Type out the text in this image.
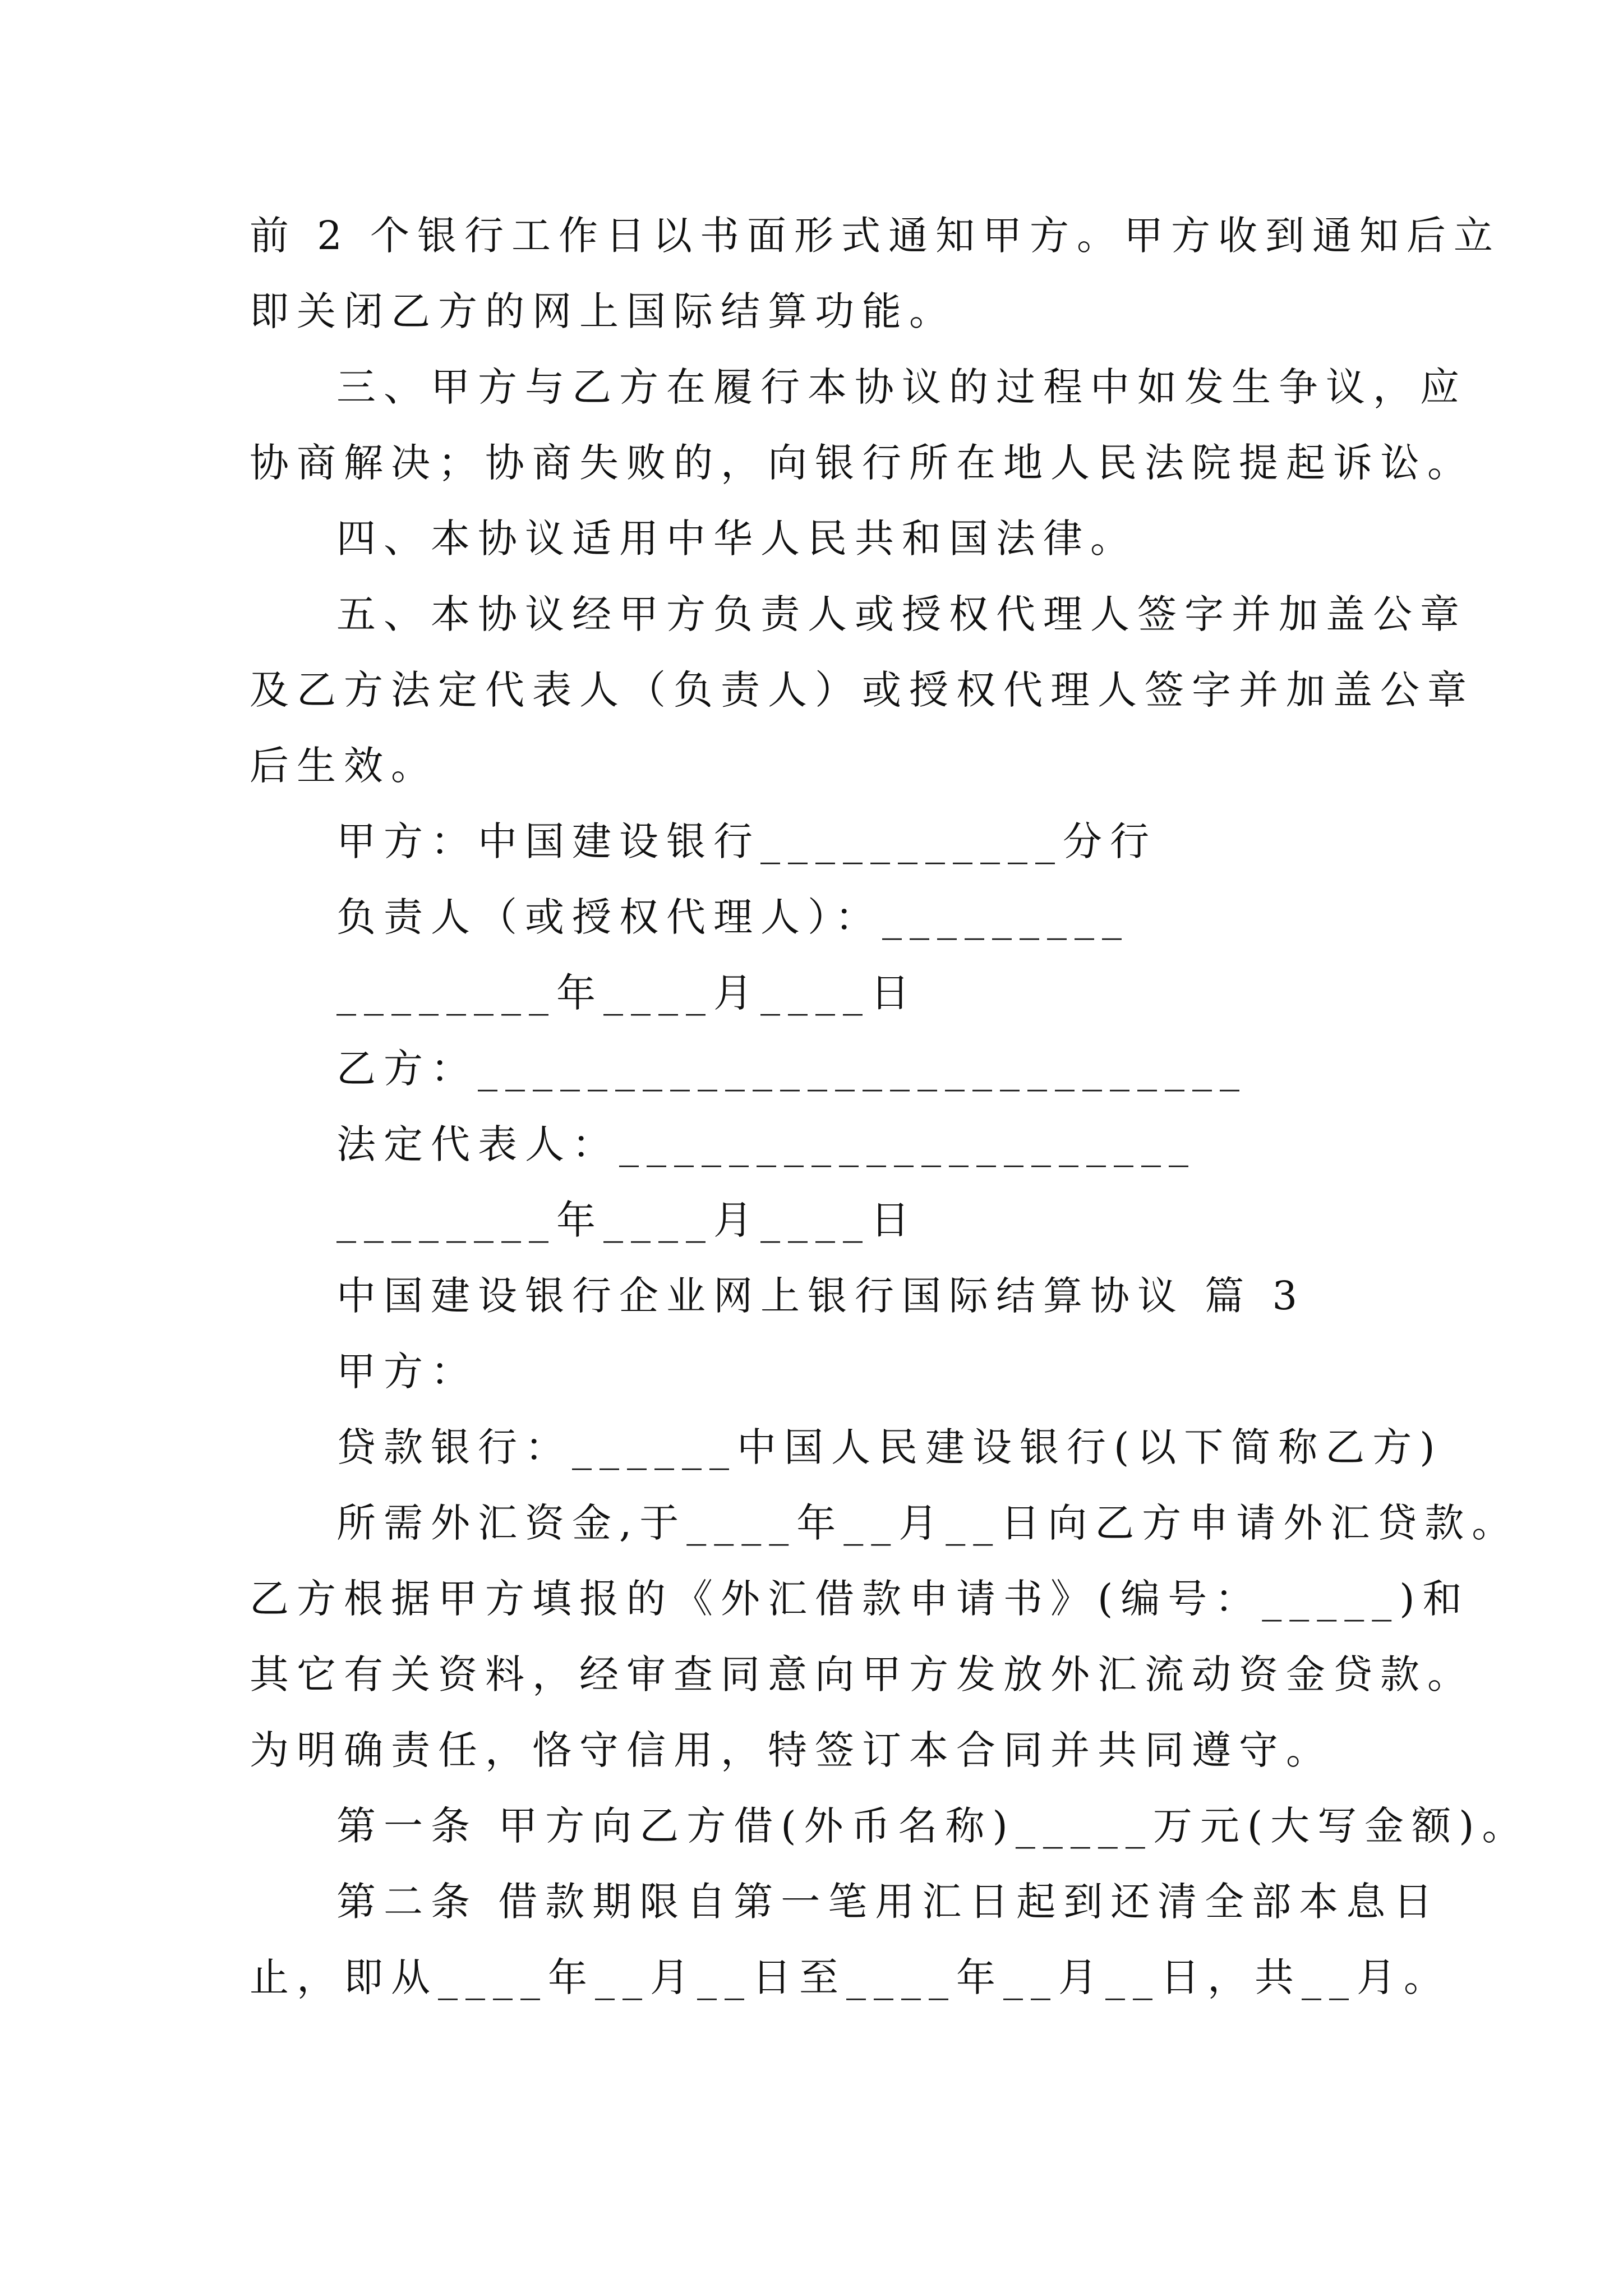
前 2 个银行工作日以书面形式通知甲方。甲方收到通知后立
即关闭乙方的网上国际结算功能。
三、甲方与乙方在履行本协议的过程中如发生争议，应
协商解决；协商失败的，向银行所在地人民法院提起诉讼。
四、本协议适用中华人民共和国法律。
五、本协议经甲方负责人或授权代理人签字并加盖公章
及乙方法定代表人（负责人）或授权代理人签字并加盖公章
后生效。
甲方：中国建设银行___________分行
负责人（或授权代理人）：_________
________年____月____日
乙方：____________________________
法定代表人：_____________________
________年____月____日
中国建设银行企业网上银行国际结算协议 篇 3
甲方：
贷款银行：______中国人民建设银行(以下简称乙方)
所需外汇资金,于____年__月__日向乙方申请外汇贷款。
乙方根据甲方填报的《外汇借款申请书》(编号：_____)和
其它有关资料，经审查同意向甲方发放外汇流动资金贷款。
为明确责任，恪守信用，特签订本合同并共同遵守。
第一条 甲方向乙方借(外币名称)_____万元(大写金额)。
第二条 借款期限自第一笔用汇日起到还清全部本息日
止，即从____年__月__日至____年__月__日，共__月。
